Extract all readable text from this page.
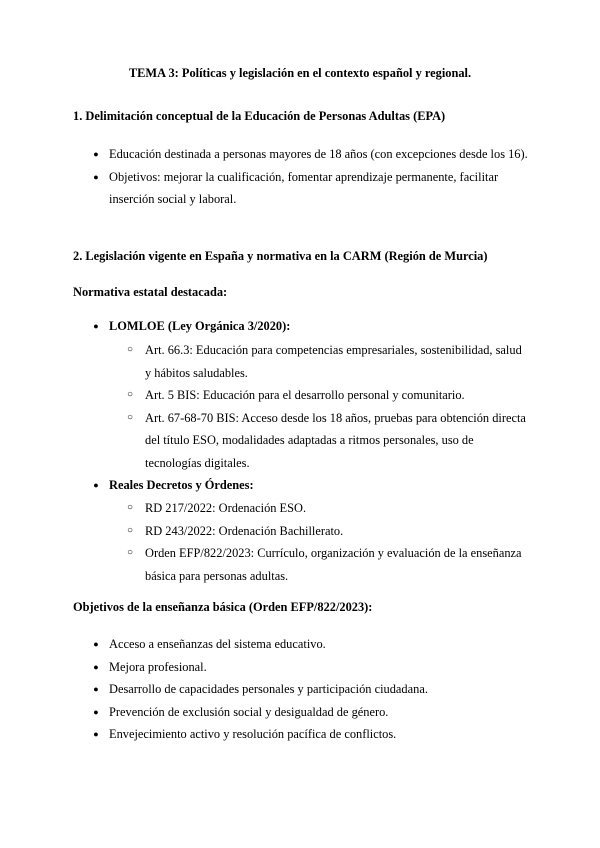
TEMA 3: Políticas y legislación en el contexto español y regional.
1. Delimitación conceptual de la Educación de Personas Adultas (EPA)
● Educación destinada a personas mayores de 18 años (con excepciones desde los 16).
● Objetivos: mejorar la cualificación, fomentar aprendizaje permanente, facilitar inserción social y laboral.
2. Legislación vigente en España y normativa en la CARM (Región de Murcia)
Normativa estatal destacada:
● LOMLOE (Ley Orgánica 3/2020):
○ Art. 66.3: Educación para competencias empresariales, sostenibilidad, salud y hábitos saludables.
○ Art. 5 BIS: Educación para el desarrollo personal y comunitario.
○ Art. 67-68-70 BIS: Acceso desde los 18 años, pruebas para obtención directa del título ESO, modalidades adaptadas a ritmos personales, uso de tecnologías digitales.
● Reales Decretos y Órdenes:
○ RD 217/2022: Ordenación ESO.
○ RD 243/2022: Ordenación Bachillerato.
○ Orden EFP/822/2023: Currículo, organización y evaluación de la enseñanza básica para personas adultas.
Objetivos de la enseñanza básica (Orden EFP/822/2023):
● Acceso a enseñanzas del sistema educativo.
● Mejora profesional.
● Desarrollo de capacidades personales y participación ciudadana.
● Prevención de exclusión social y desigualdad de género.
● Envejecimiento activo y resolución pacífica de conflictos.
